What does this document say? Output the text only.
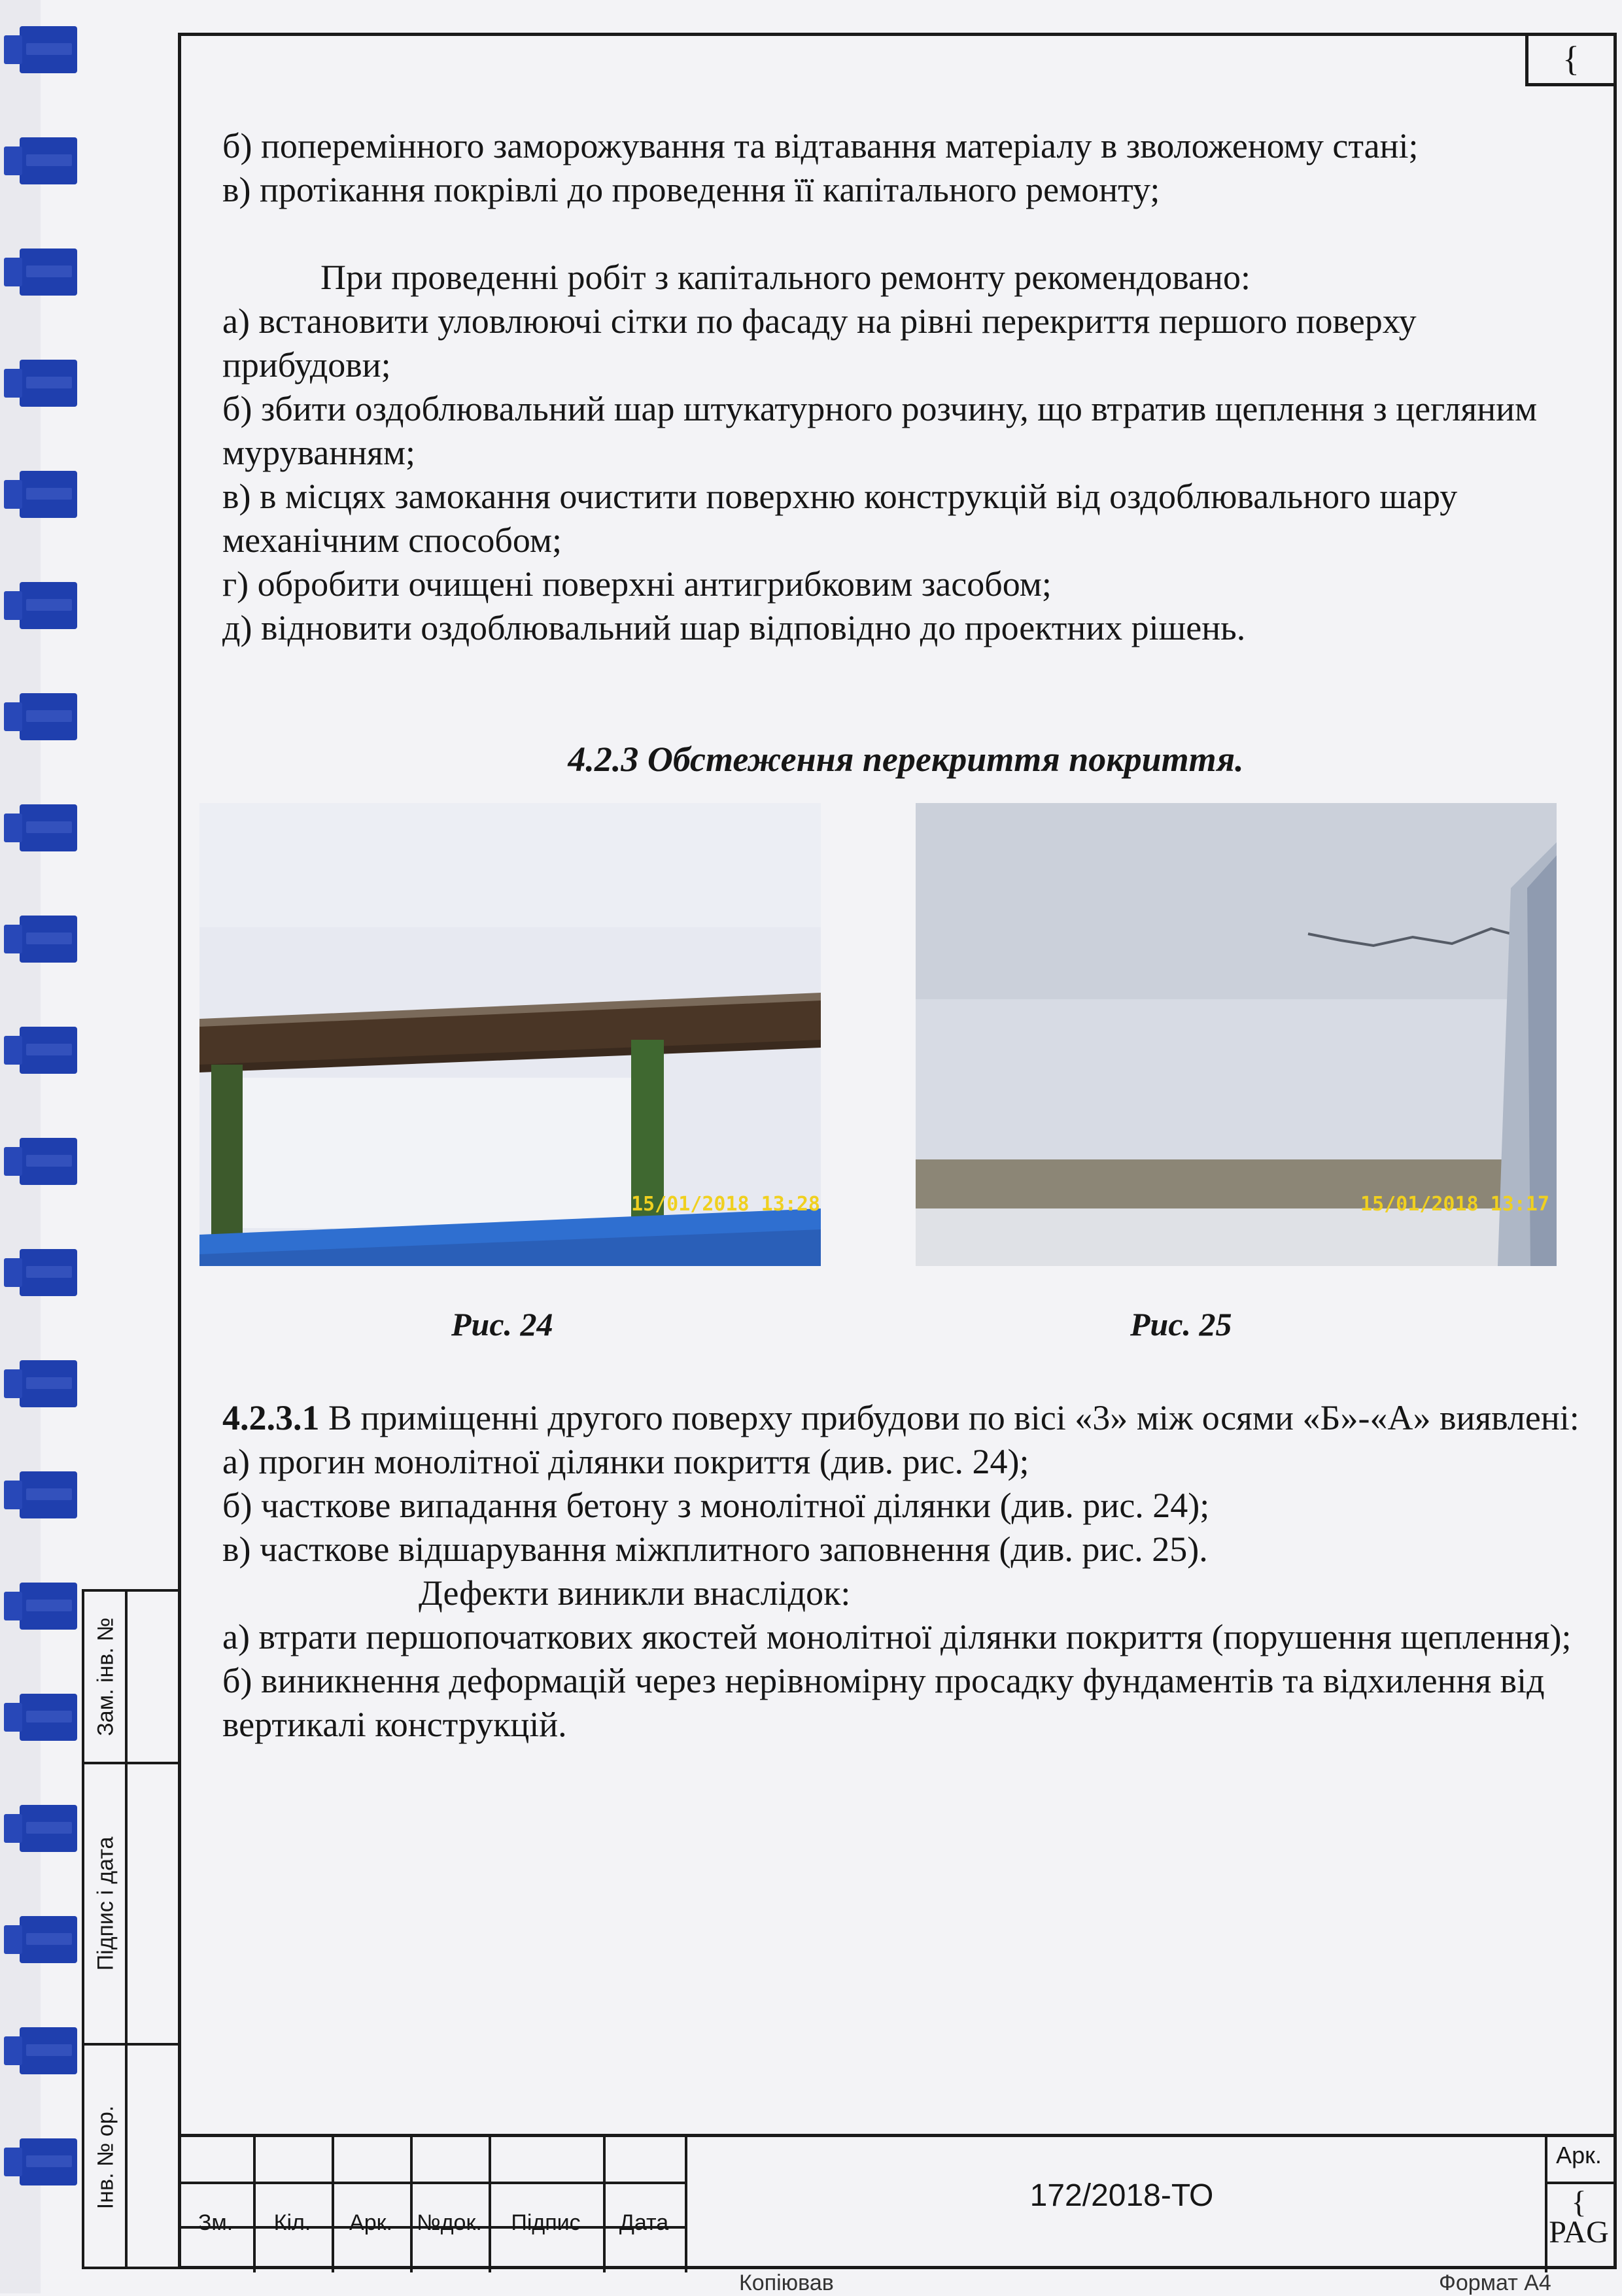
{
Зам. інв. №
Підпис і дата
Інв. № ор.

б) поперемінного заморожування та відтавання матеріалу в зволоженому стані;

в) протікання покрівлі до проведення її капітального ремонту;

При проведенні робіт з капітального ремонту рекомендовано:

а) встановити уловлюючі сітки по фасаду на рівні перекриття першого поверху прибудови;

б) збити оздоблювальний шар штукатурного розчину, що втратив щеплення з цегляним муруванням;

в) в місцях замокання очистити поверхню конструкцій від оздоблювального шару механічним способом;

г) обробити очищені поверхні антигрибковим засобом;

д) відновити оздоблювальний шар відповідно до проектних рішень.

4.2.3 Обстеження перекриття покриття.
15/01/2018 13:28
Рис. 24
15/01/2018 13:17
Рис. 25

4.2.3.1 В приміщенні другого поверху прибудови по вісі «3» між осями «Б»-«А» виявлені:

а) прогин монолітної ділянки покриття (див. рис. 24);

б) часткове випадання бетону з монолітної ділянки (див. рис. 24);

в) часткове відшарування міжплитного заповнення (див. рис. 25).

Дефекти виникли внаслідок:

а) втрати першопочаткових якостей монолітної ділянки покриття (порушення щеплення);

б) виникнення деформацій через нерівномірну просадку фундаментів та відхилення від вертикалі конструкцій.

Зм.	Кіл.	Арк.	№док.	Підпис	Дата
172/2018-ТО
Арк.
{
PAG
Копіював	Формат А4
